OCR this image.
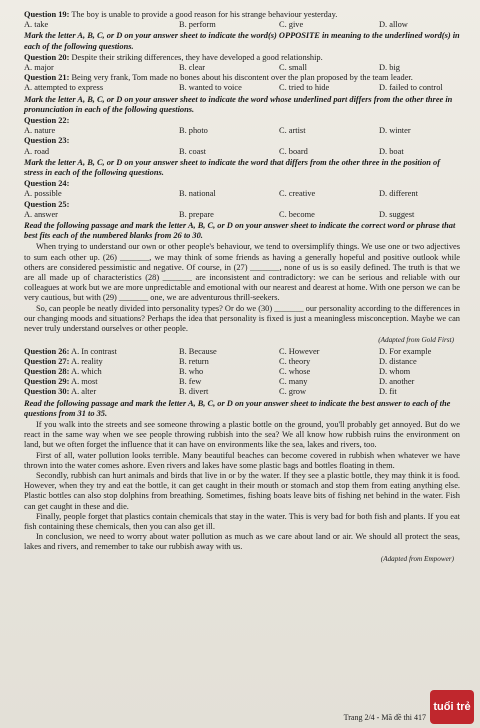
Question 19: The boy is unable to provide a good reason for his strange behaviour yesterday.

A. take	B. perform	C. give	D. allow

Mark the letter A, B, C, or D on your answer sheet to indicate the word(s) OPPOSITE in meaning to the underlined word(s) in each of the following questions.

Question 20: Despite their striking differences, they have developed a good relationship.

A. major	B. clear	C. small	D. big

Question 21: Being very frank, Tom made no bones about his discontent over the plan proposed by the team leader.

A. attempted to express	B. wanted to voice	C. tried to hide	D. failed to control

Mark the letter A, B, C, or D on your answer sheet to indicate the word whose underlined part differs from the other three in pronunciation in each of the following questions.

Question 22:

A. nature	B. photo	C. artist	D. winter

Question 23:

A. road	B. coast	C. board	D. boat

Mark the letter A, B, C, or D on your answer sheet to indicate the word that differs from the other three in the position of stress in each of the following questions.

Question 24:

A. possible	B. national	C. creative	D. different

Question 25:

A. answer	B. prepare	C. become	D. suggest

Read the following passage and mark the letter A, B, C, or D on your answer sheet to indicate the correct word or phrase that best fits each of the numbered blanks from 26 to 30.

When trying to understand our own or other people's behaviour, we tend to oversimplify things. We use one or two adjectives to sum each other up. (26) _______, we may think of some friends as having a generally hopeful and positive outlook while others are considered pessimistic and negative. Of course, in (27) _______, none of us is so easily defined. The truth is that we are all made up of characteristics (28) _______ are inconsistent and contradictory: we can be serious and reliable with our colleagues at work but we are more unpredictable and emotional with our nearest and dearest at home. With one person we can be very cautious, but with (29) _______ one, we are adventurous thrill-seekers.

So, can people be neatly divided into personality types? Or do we (30) _______ our personality according to the differences in our changing moods and situations? Perhaps the idea that personality is fixed is just a meaningless misconception. Maybe we can never truly understand ourselves or other people.

(Adapted from Gold First)

Question 26: A. In contrast	B. Because	C. However	D. For example
Question 27: A. reality	B. return	C. theory	D. distance
Question 28: A. which	B. who	C. whose	D. whom
Question 29: A. most	B. few	C. many	D. another
Question 30: A. alter	B. divert	C. grow	D. fit

Read the following passage and mark the letter A, B, C, or D on your answer sheet to indicate the best answer to each of the questions from 31 to 35.

If you walk into the streets and see someone throwing a plastic bottle on the ground, you'll probably get annoyed. But do we react in the same way when we see people throwing rubbish into the sea? We all know how rubbish ruins the environment on land, but we often forget the influence that it can have on environments like the sea, lakes and rivers, too.

First of all, water pollution looks terrible. Many beautiful beaches can become covered in rubbish when whatever we have thrown into the water comes ashore. Even rivers and lakes have some plastic bags and bottles floating in them.

Secondly, rubbish can hurt animals and birds that live in or by the water. If they see a plastic bottle, they may think it is food. However, when they try and eat the bottle, it can get caught in their mouth or stomach and stop them from eating anything else. Plastic bottles can also stop dolphins from breathing. Sometimes, fishing boats leave bits of fishing net behind in the water. Fish can get caught in these and die.

Finally, people forget that plastics contain chemicals that stay in the water. This is very bad for both fish and plants. If you eat fish containing these chemicals, then you can also get ill.

In conclusion, we need to worry about water pollution as much as we care about land or air. We should all protect the seas, lakes and rivers, and remember to take our rubbish away with us.

(Adapted from Empower)

Trang 2/4 - Mã đề thi 417
tuổi trẻ
